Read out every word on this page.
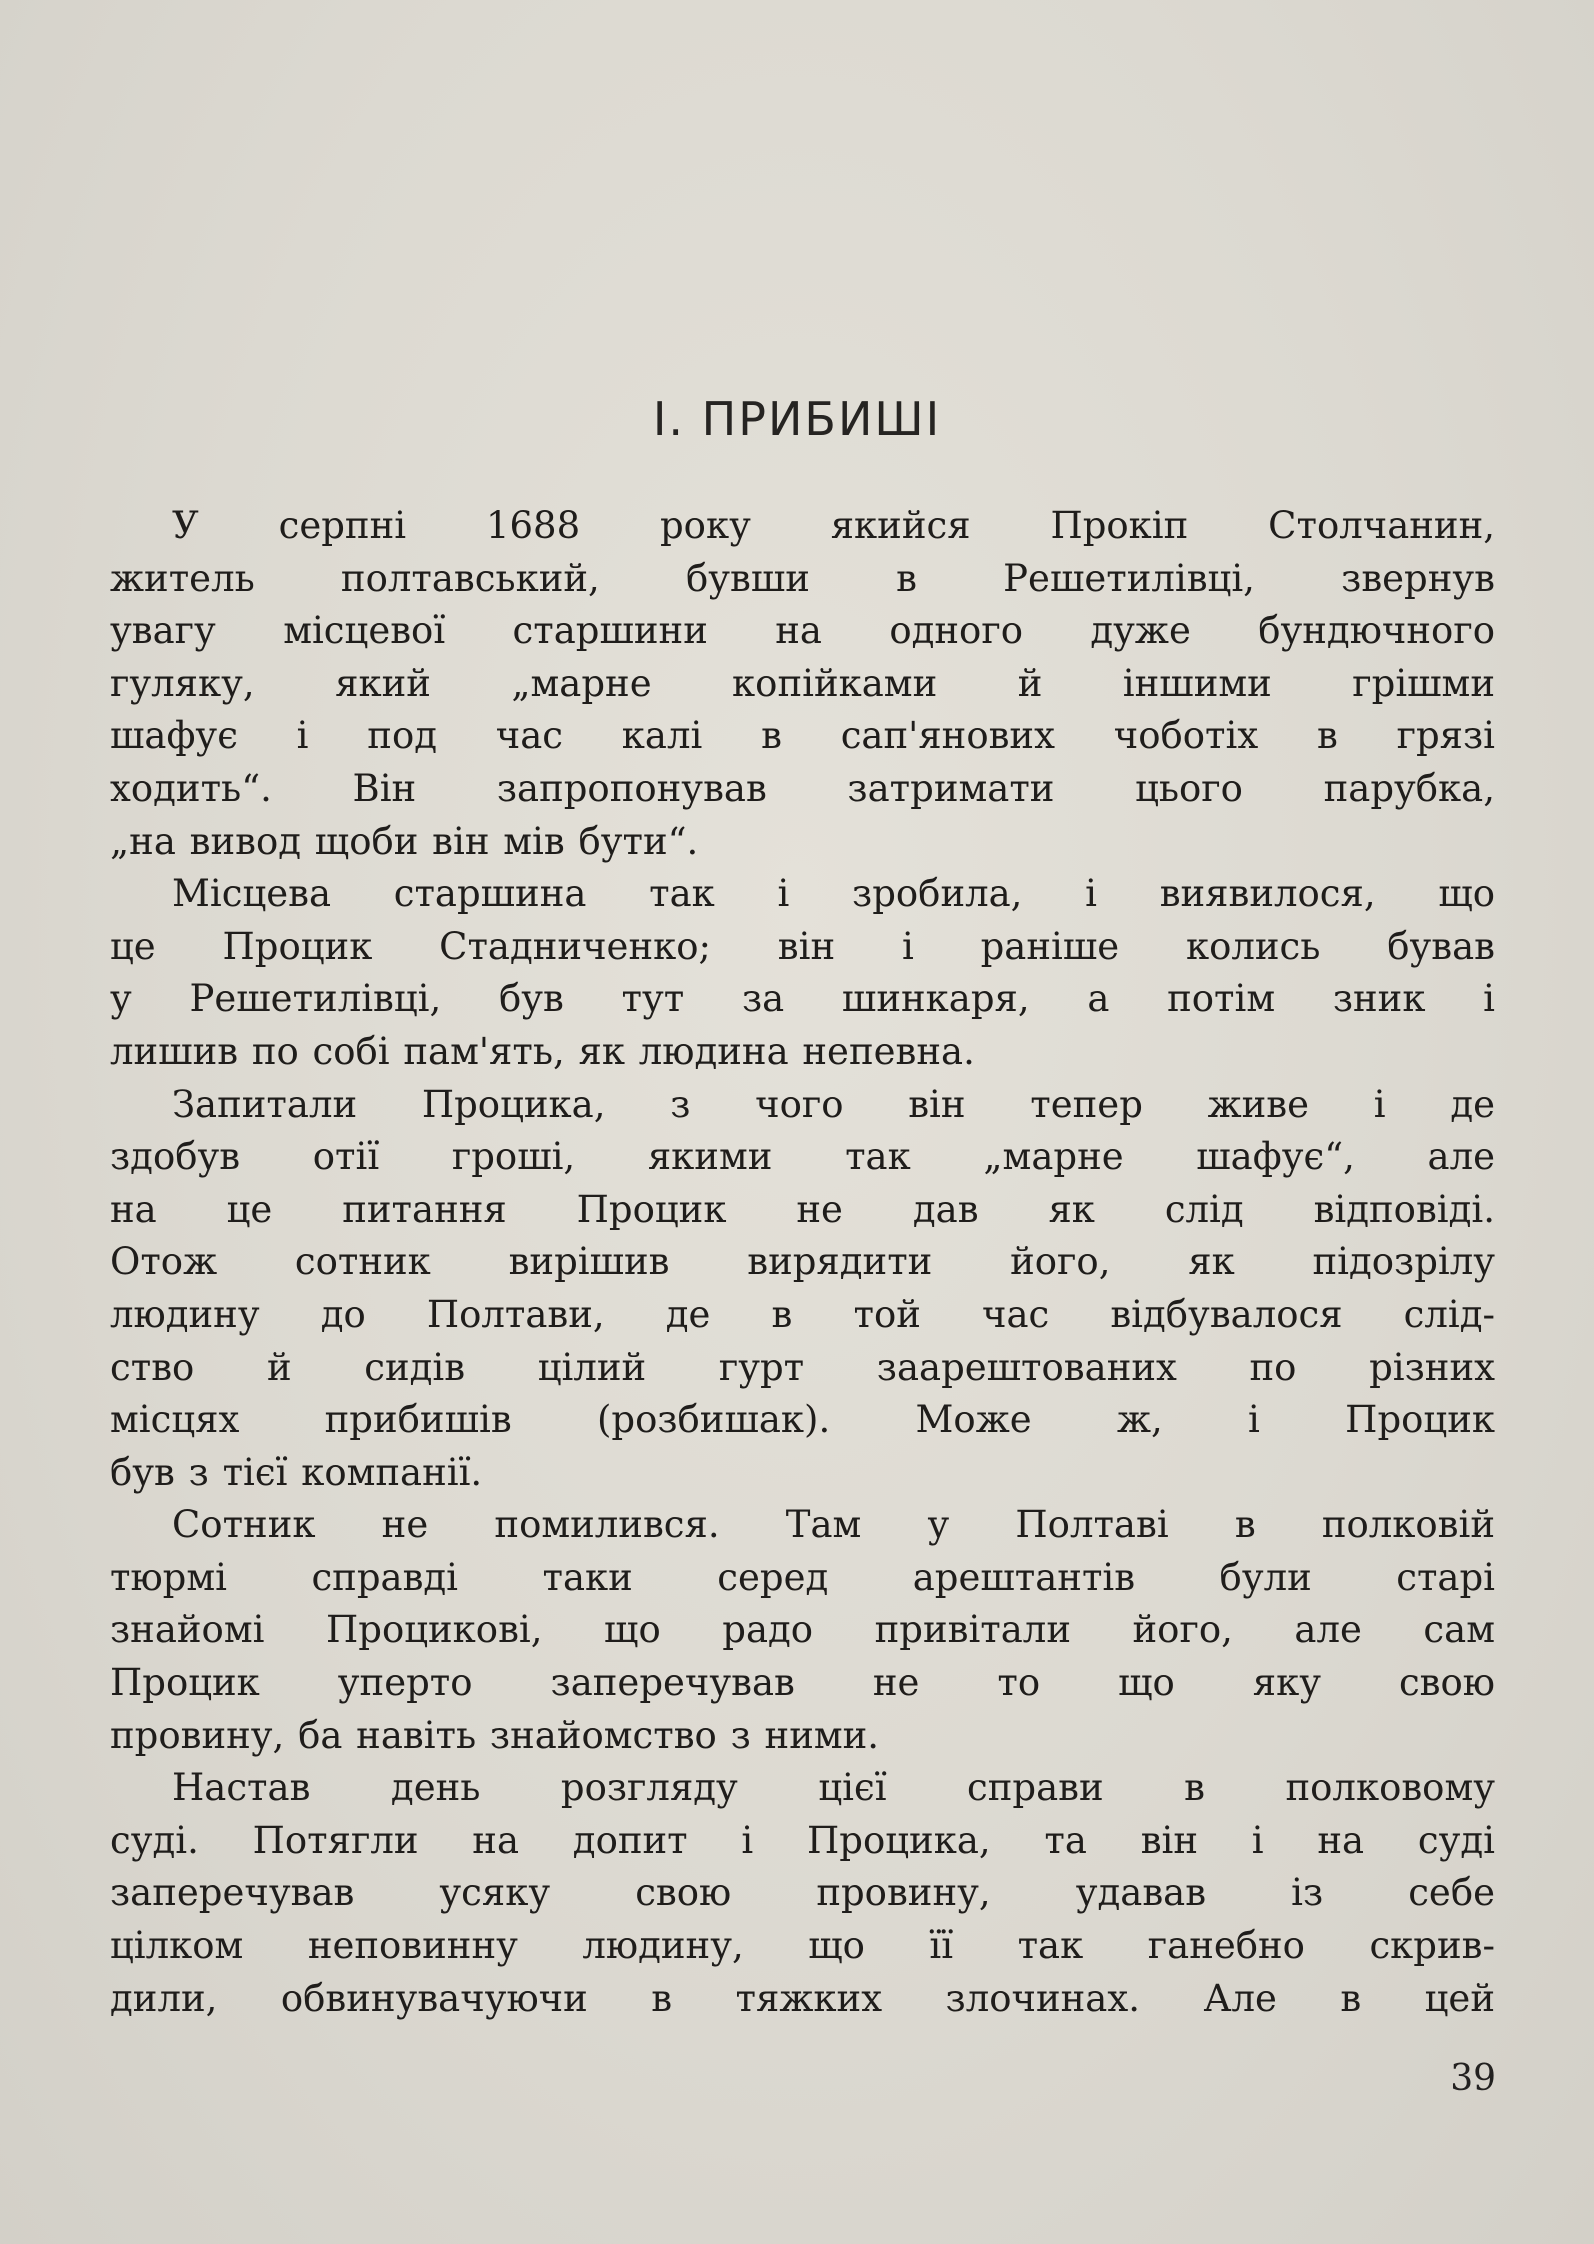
І. ПРИБИШІ
У серпні 1688 року якийся Прокіп Столчанин,
житель полтавський, бувши в Решетилівці, звернув
увагу місцевої старшини на одного дуже бундючного
гуляку, який „марне копійками й іншими грішми
шафує і под час калі в сап'янових чоботіх в грязі
ходить“. Він запропонував затримати цього парубка,
„на вивод щоби він мів бути“.
Місцева старшина так і зробила, і виявилося, що
це Процик Стадниченко; він і раніше колись бував
у Решетилівці, був тут за шинкаря, а потім зник і
лишив по собі пам'ять, як людина непевна.
Запитали Процика, з чого він тепер живе і де
здобув отії гроші, якими так „марне шафує“, але
на це питання Процик не дав як слід відповіді.
Отож сотник вирішив вирядити його, як підозрілу
людину до Полтави, де в той час відбувалося слід-
ство й сидів цілий гурт заарештованих по різних
місцях прибишів (розбишак). Може ж, і Процик
був з тієї компанії.
Сотник не помилився. Там у Полтаві в полковій
тюрмі справді таки серед арештантів були старі
знайомі Процикові, що радо привітали його, але сам
Процик уперто заперечував не то що яку свою
провину, ба навіть знайомство з ними.
Настав день розгляду цієї справи в полковому
суді. Потягли на допит і Процика, та він і на суді
заперечував усяку свою провину, удавав із себе
цілком неповинну людину, що її так ганебно скрив-
дили, обвинувачуючи в тяжких злочинах. Але в цей
39
